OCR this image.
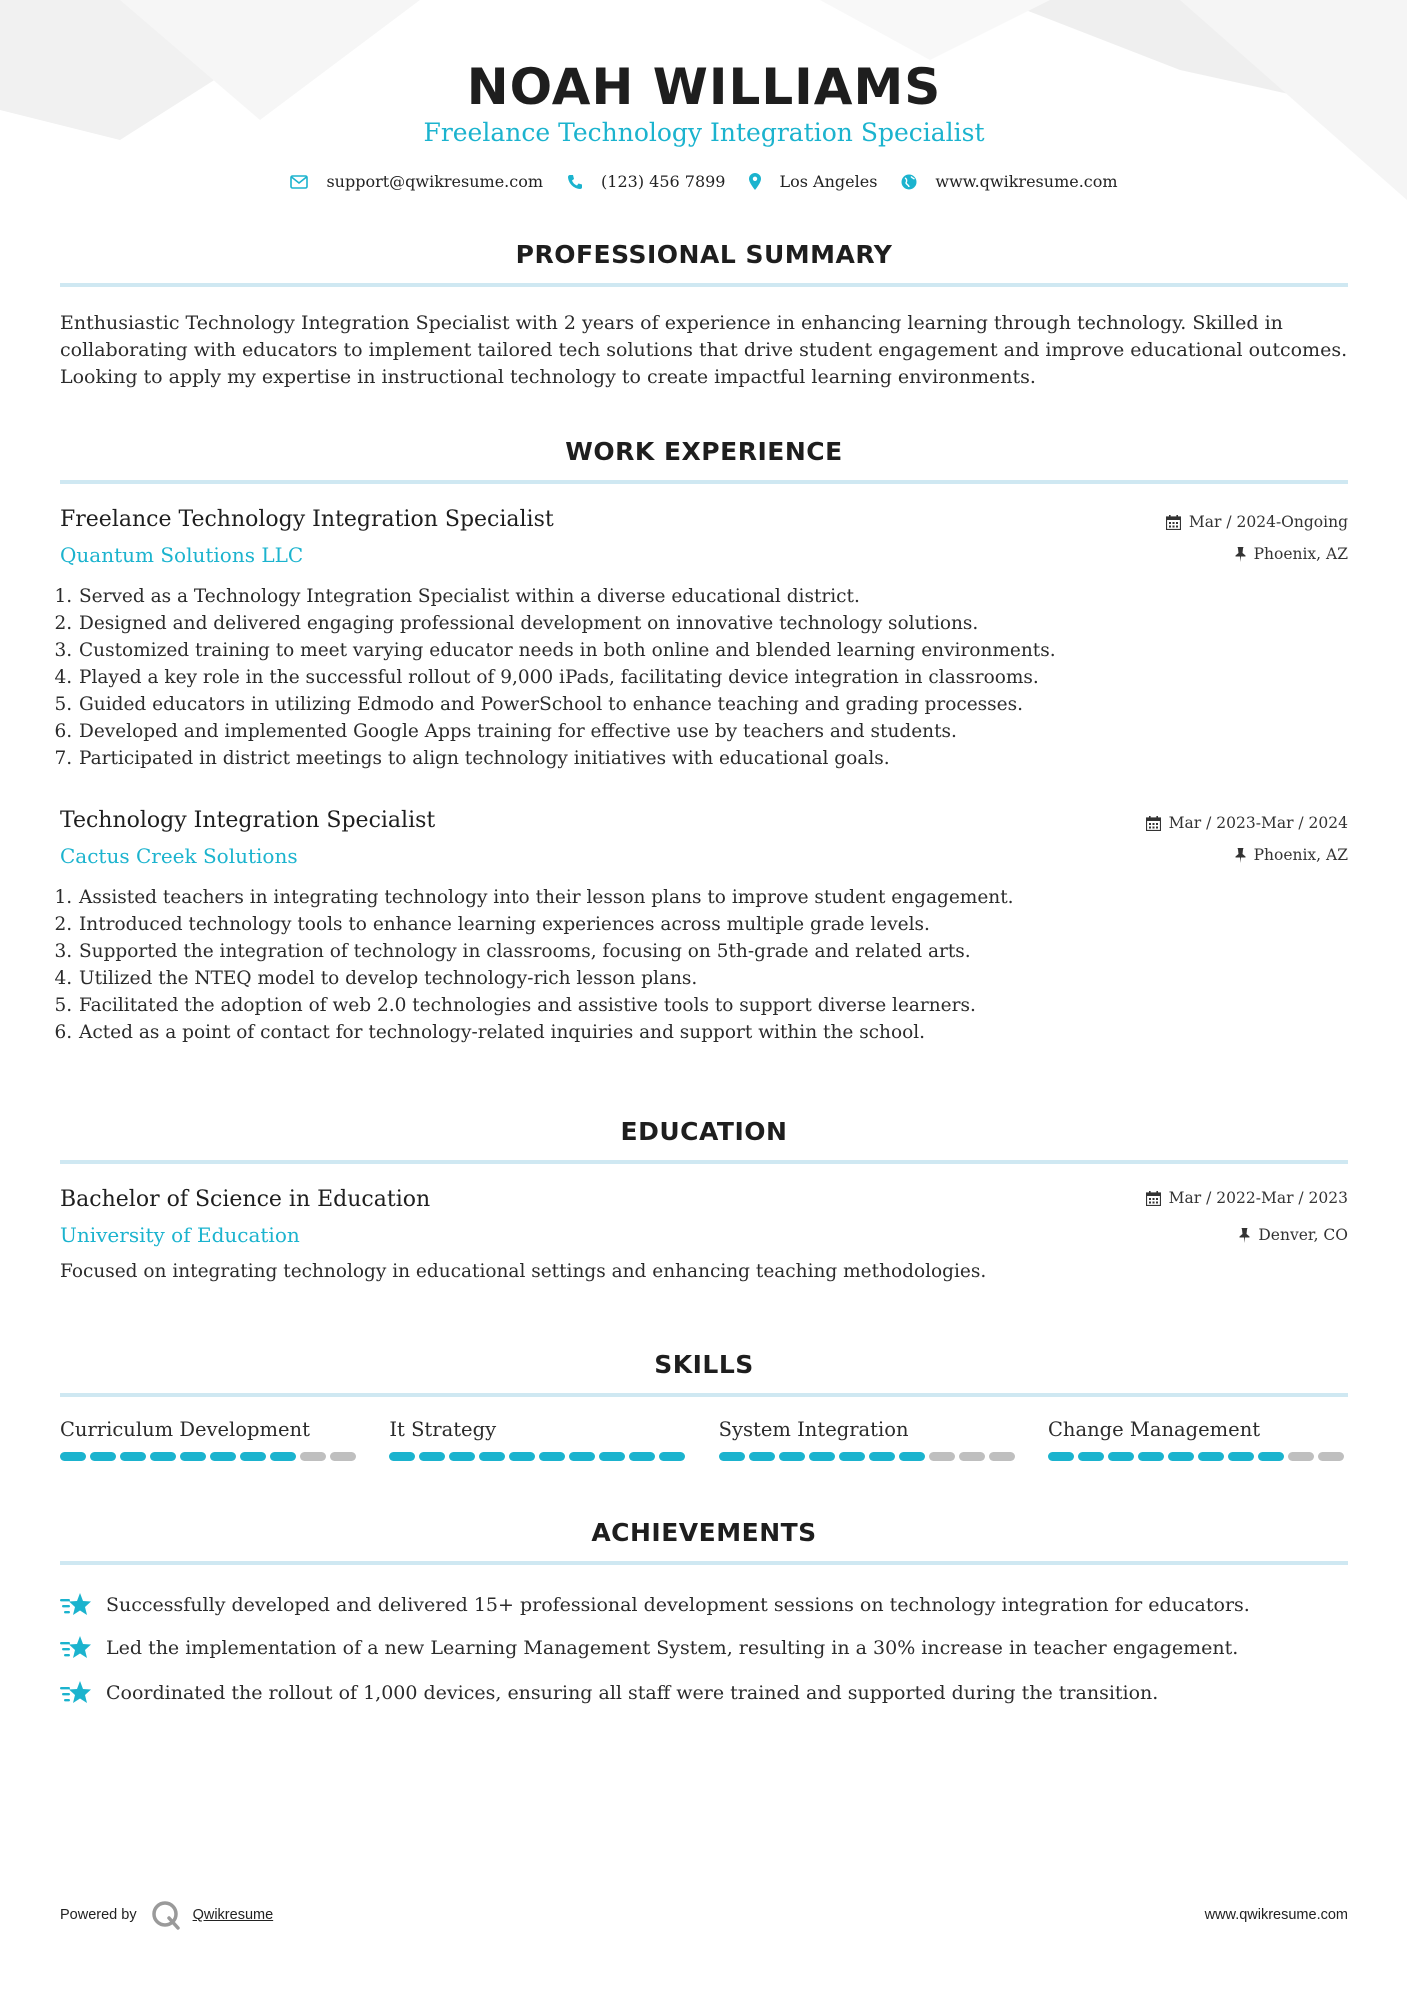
NOAH WILLIAMS
Freelance Technology Integration Specialist
support@qwikresume.com	(123) 456 7899	Los Angeles	www.qwikresume.com
PROFESSIONAL SUMMARY
Enthusiastic Technology Integration Specialist with 2 years of experience in enhancing learning through technology. Skilled in collaborating with educators to implement tailored tech solutions that drive student engagement and improve educational outcomes. Looking to apply my expertise in instructional technology to create impactful learning environments.
WORK EXPERIENCE
Freelance Technology Integration Specialist
Quantum Solutions LLC
Mar / 2024-Ongoing
Phoenix, AZ
1. Served as a Technology Integration Specialist within a diverse educational district.
2. Designed and delivered engaging professional development on innovative technology solutions.
3. Customized training to meet varying educator needs in both online and blended learning environments.
4. Played a key role in the successful rollout of 9,000 iPads, facilitating device integration in classrooms.
5. Guided educators in utilizing Edmodo and PowerSchool to enhance teaching and grading processes.
6. Developed and implemented Google Apps training for effective use by teachers and students.
7. Participated in district meetings to align technology initiatives with educational goals.
Technology Integration Specialist
Cactus Creek Solutions
Mar / 2023-Mar / 2024
Phoenix, AZ
1. Assisted teachers in integrating technology into their lesson plans to improve student engagement.
2. Introduced technology tools to enhance learning experiences across multiple grade levels.
3. Supported the integration of technology in classrooms, focusing on 5th-grade and related arts.
4. Utilized the NTEQ model to develop technology-rich lesson plans.
5. Facilitated the adoption of web 2.0 technologies and assistive tools to support diverse learners.
6. Acted as a point of contact for technology-related inquiries and support within the school.
EDUCATION
Bachelor of Science in Education
University of Education
Mar / 2022-Mar / 2023
Denver, CO
Focused on integrating technology in educational settings and enhancing teaching methodologies.
SKILLS
Curriculum Development	It Strategy	System Integration	Change Management
ACHIEVEMENTS
Successfully developed and delivered 15+ professional development sessions on technology integration for educators.
Led the implementation of a new Learning Management System, resulting in a 30% increase in teacher engagement.
Coordinated the rollout of 1,000 devices, ensuring all staff were trained and supported during the transition.
Powered by	Qwikresume	www.qwikresume.com
